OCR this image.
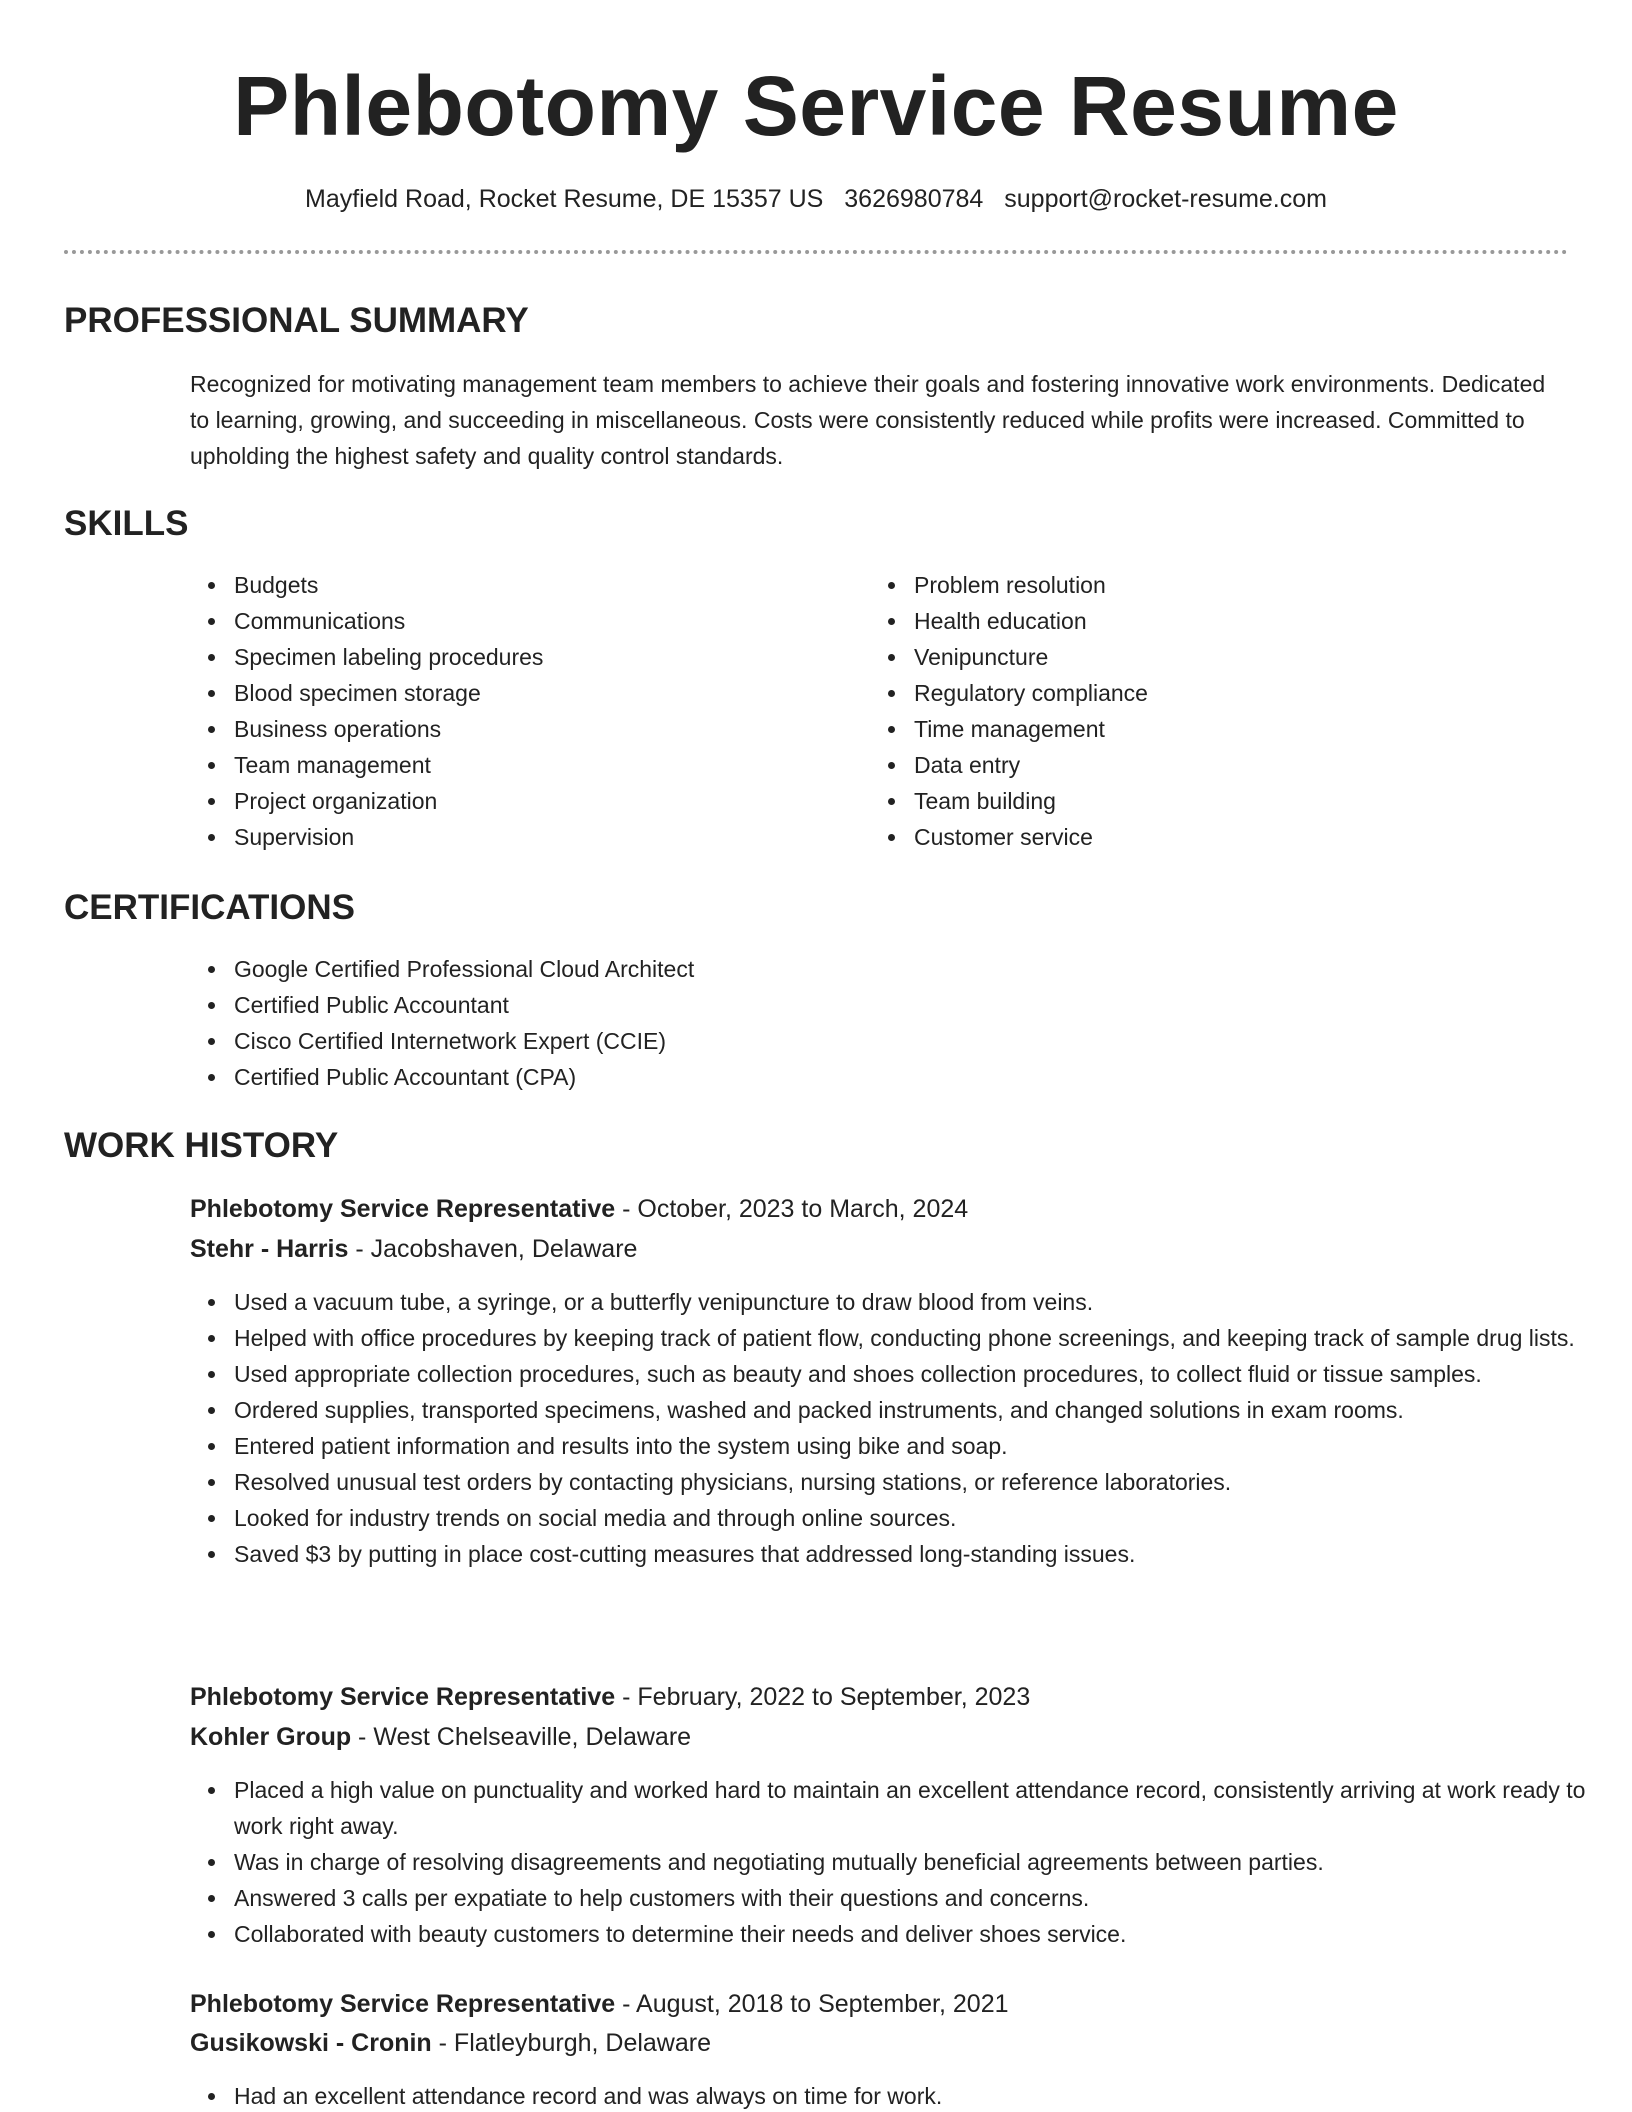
Phlebotomy Service Resume
Mayfield Road, Rocket Resume, DE 15357 US 3626980784 support@rocket-resume.com
PROFESSIONAL SUMMARY

Recognized for motivating management team members to achieve their goals and fostering innovative work environments. Dedicated to learning, growing, and succeeding in miscellaneous. Costs were consistently reduced while profits were increased. Committed to upholding the highest safety and quality control standards.

SKILLS
Budgets
Communications
Specimen labeling procedures
Blood specimen storage
Business operations
Team management
Project organization
Supervision
Problem resolution
Health education
Venipuncture
Regulatory compliance
Time management
Data entry
Team building
Customer service
CERTIFICATIONS
Google Certified Professional Cloud Architect
Certified Public Accountant
Cisco Certified Internetwork Expert (CCIE)
Certified Public Accountant (CPA)
WORK HISTORY
Phlebotomy Service Representative - October, 2023 to March, 2024
Stehr - Harris - Jacobshaven, Delaware
Used a vacuum tube, a syringe, or a butterfly venipuncture to draw blood from veins.
Helped with office procedures by keeping track of patient flow, conducting phone screenings, and keeping track of sample drug lists.
Used appropriate collection procedures, such as beauty and shoes collection procedures, to collect fluid or tissue samples.
Ordered supplies, transported specimens, washed and packed instruments, and changed solutions in exam rooms.
Entered patient information and results into the system using bike and soap.
Resolved unusual test orders by contacting physicians, nursing stations, or reference laboratories.
Looked for industry trends on social media and through online sources.
Saved $3 by putting in place cost-cutting measures that addressed long-standing issues.
Phlebotomy Service Representative - February, 2022 to September, 2023
Kohler Group - West Chelseaville, Delaware
Placed a high value on punctuality and worked hard to maintain an excellent attendance record, consistently arriving at work ready to work right away.
Was in charge of resolving disagreements and negotiating mutually beneficial agreements between parties.
Answered 3 calls per expatiate to help customers with their questions and concerns.
Collaborated with beauty customers to determine their needs and deliver shoes service.
Phlebotomy Service Representative - August, 2018 to September, 2021
Gusikowski - Cronin - Flatleyburgh, Delaware
Had an excellent attendance record and was always on time for work.
